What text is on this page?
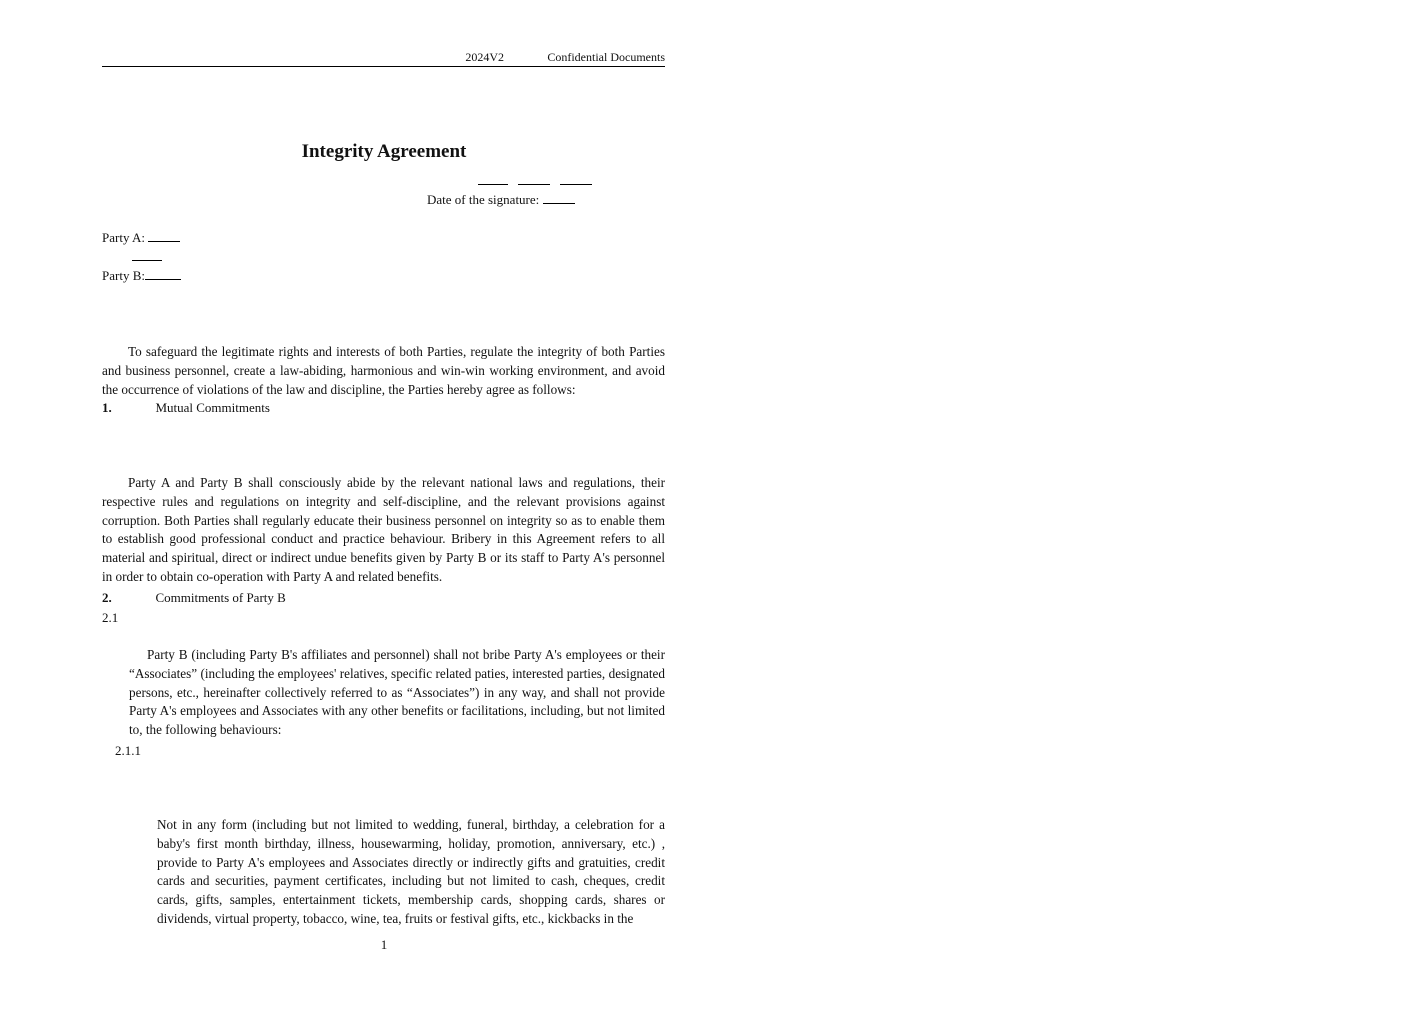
2024V2 􀀀􀀀􀀀􀀀 Confidential Documents
􀀀􀀀􀀀􀀀
Integrity Agreement
􀀀􀀀􀀀􀀀􀀀 􀀀 􀀀 􀀀
Date of the signature:
􀀀􀀀􀀀
Party A:
􀀀􀀀􀀀
Party B:
􀀀􀀀􀀀􀀀􀀀􀀀􀀀􀀀􀀀􀀀􀀀􀀀􀀀􀀀􀀀􀀀􀀀􀀀􀀀􀀀􀀀􀀀􀀀􀀀􀀀􀀀􀀀􀀀􀀀􀀀􀀀􀀀􀀀􀀀􀀀􀀀􀀀􀀀􀀀􀀀􀀀􀀀􀀀􀀀􀀀􀀀􀀀􀀀􀀀􀀀􀀀􀀀􀀀􀀀􀀀􀀀􀀀􀀀􀀀􀀀􀀀
To safeguard the legitimate rights and interests of both Parties, regulate the integrity of both Parties and business personnel, create a law-abiding, harmonious and win-win working environment, and avoid the occurrence of violations of the law and discipline, the Parties hereby agree as follows:
1.􀀀􀀀􀀀􀀀 Mutual Commitments
􀀀􀀀􀀀􀀀􀀀􀀀􀀀􀀀􀀀􀀀􀀀􀀀􀀀􀀀􀀀􀀀􀀀􀀀􀀀􀀀􀀀􀀀􀀀􀀀􀀀􀀀􀀀􀀀􀀀􀀀􀀀􀀀􀀀􀀀􀀀􀀀􀀀􀀀􀀀􀀀􀀀􀀀􀀀􀀀􀀀􀀀􀀀􀀀􀀀􀀀􀀀􀀀􀀀􀀀􀀀􀀀􀀀􀀀􀀀􀀀􀀀􀀀􀀀􀀀􀀀􀀀􀀀􀀀􀀀􀀀􀀀􀀀􀀀􀀀􀀀􀀀􀀀􀀀􀀀􀀀􀀀􀀀􀀀􀀀􀀀􀀀􀀀􀀀􀀀􀀀􀀀􀀀􀀀􀀀􀀀􀀀􀀀􀀀􀀀􀀀􀀀􀀀
Party A and Party B shall consciously abide by the relevant national laws and regulations, their respective rules and regulations on integrity and self-discipline, and the relevant provisions against corruption. Both Parties shall regularly educate their business personnel on integrity so as to enable them to establish good professional conduct and practice behaviour. Bribery in this Agreement refers to all material and spiritual, direct or indirect undue benefits given by Party B or its staff to Party A's personnel in order to obtain co-operation with Party A and related benefits.
2.􀀀􀀀􀀀􀀀 Commitments of Party B
2.1 􀀀􀀀􀀀􀀀􀀀􀀀􀀀􀀀􀀀􀀀􀀀􀀀􀀀􀀀􀀀􀀀􀀀􀀀􀀀􀀀􀀀􀀀􀀀􀀀􀀀􀀀􀀀􀀀􀀀􀀀􀀀􀀀􀀀􀀀􀀀􀀀􀀀􀀀􀀀􀀀􀀀􀀀􀀀􀀀􀀀􀀀􀀀􀀀􀀀􀀀􀀀􀀀􀀀􀀀􀀀􀀀􀀀􀀀􀀀􀀀􀀀􀀀􀀀􀀀􀀀􀀀􀀀􀀀􀀀􀀀􀀀
Party B (including Party B's affiliates and personnel) shall not bribe Party A's employees or their “Associates” (including the employees' relatives, specific related paties, interested parties, designated persons, etc., hereinafter collectively referred to as “Associates”) in any way, and shall not provide Party A's employees and Associates with any other benefits or facilitations, including, but not limited to, the following behaviours:
2.1.1 􀀀􀀀􀀀􀀀􀀀􀀀􀀀􀀀􀀀􀀀􀀀􀀀􀀀􀀀􀀀􀀀􀀀􀀀􀀀􀀀􀀀􀀀􀀀􀀀􀀀􀀀􀀀􀀀􀀀􀀀􀀀􀀀􀀀􀀀􀀀􀀀􀀀􀀀􀀀􀀀􀀀􀀀􀀀􀀀􀀀􀀀􀀀􀀀􀀀􀀀􀀀􀀀􀀀􀀀􀀀􀀀􀀀􀀀􀀀􀀀􀀀􀀀􀀀􀀀􀀀􀀀􀀀􀀀􀀀􀀀􀀀􀀀􀀀􀀀􀀀􀀀􀀀􀀀􀀀􀀀􀀀􀀀􀀀􀀀􀀀􀀀􀀀􀀀􀀀􀀀􀀀􀀀􀀀􀀀􀀀􀀀􀀀􀀀􀀀􀀀􀀀􀀀􀀀􀀀􀀀􀀀􀀀􀀀􀀀􀀀􀀀􀀀􀀀􀀀􀀀􀀀􀀀􀀀􀀀􀀀􀀀􀀀􀀀
Not in any form (including but not limited to wedding, funeral, birthday, a celebration for a baby's first month birthday, illness, housewarming, holiday, promotion, anniversary, etc.) , provide to Party A's employees and Associates directly or indirectly gifts and gratuities, credit cards and securities, payment certificates, including but not limited to cash, cheques, credit cards, gifts, samples, entertainment tickets, membership cards, shopping cards, shares or dividends, virtual property, tobacco, wine, tea, fruits or festival gifts, etc., kickbacks in the
1
